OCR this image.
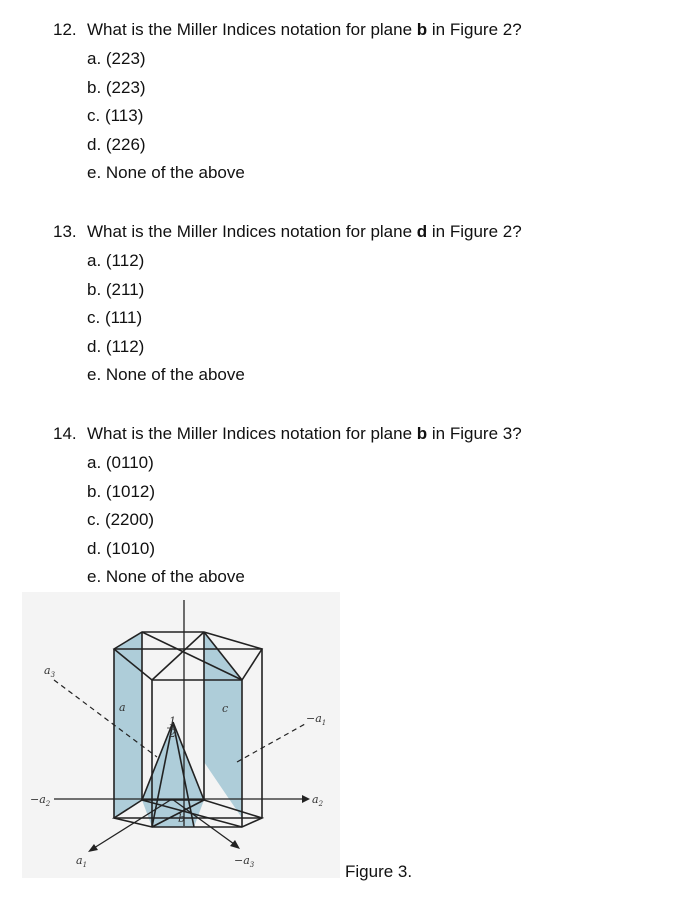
12. What is the Miller Indices notation for plane b in Figure 2?
a. (223)
b. (223)
c. (113)
d. (226)
e. None of the above
13. What is the Miller Indices notation for plane d in Figure 2?
a. (112)
b. (211)
c. (111)
d. (112)
e. None of the above
14. What is the Miller Indices notation for plane b in Figure 3?
a. (0110)
b. (1012)
c. (2200)
d. (1010)
e. None of the above
$a_3$
$-a_2$
$a_1$	$-a_3$
$a_2$
$-a_1$
a	c
b
1
2
Figure 3.
